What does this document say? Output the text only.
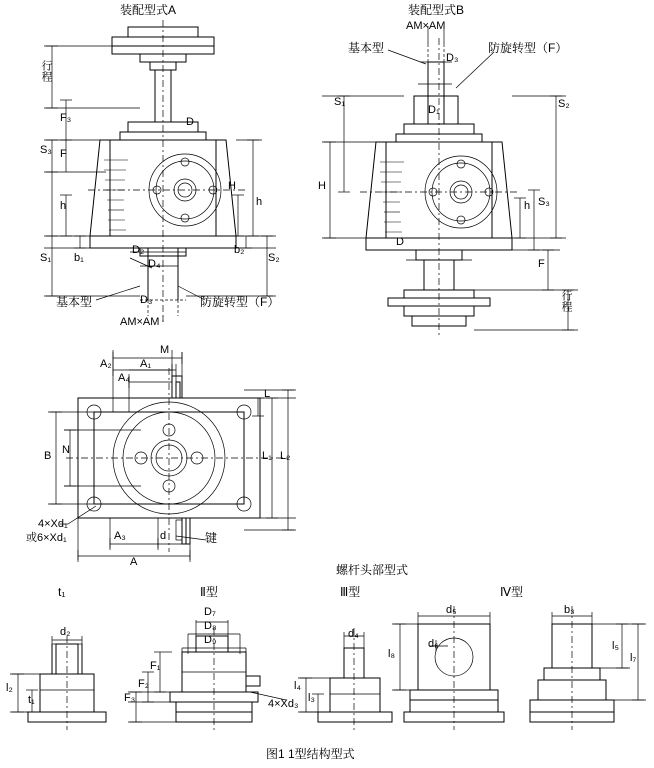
装配型式A
行程
F₃
S₃ F
h
S₁ b₁
D
D₂
D₄
D₃
H
h
b₂
S₂
基本型	防旋转型（F）
AM×AM
装配型式B
AM×AM
基本型	防旋转型（F）
D₃
D₁
S₁
H
S₂
h S₃
D
F
行程
M
A₂	A₁
A₄
B N
L
L₁ L₂
A₃	d
A
4×Xd₁
或6×Xd₁	键
螺杆头部型式
t₁	Ⅱ型	Ⅲ型	Ⅳ型
d₂
l₂
t₁
D₇
D₈
D₉
F₁
F₃
F₂
4×Xd₃
d₄
l₃
l₄
d₅
d₆
l₈
b₃
l₅
l₇
图1 1型结构型式
